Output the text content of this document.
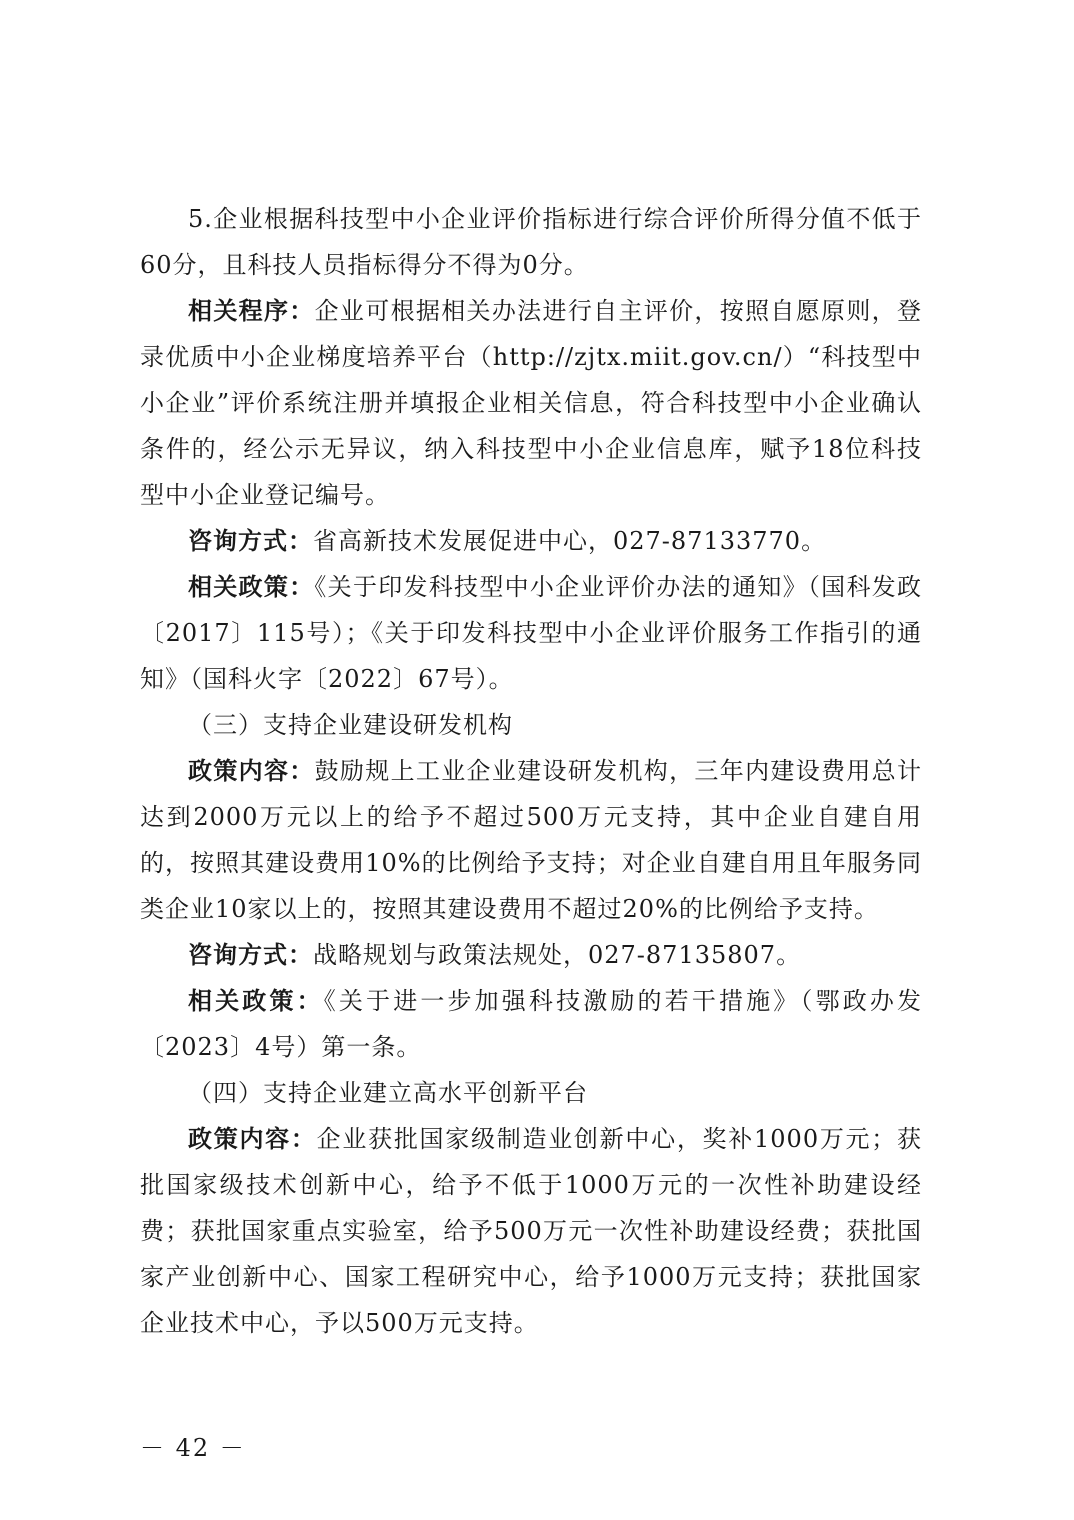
5.企业根据科技型中小企业评价指标进行综合评价所得分值不低于60分，且科技人员指标得分不得为0分。

相关程序：企业可根据相关办法进行自主评价，按照自愿原则，登录优质中小企业梯度培养平台（http://zjtx.miit.gov.cn/）“科技型中小企业”评价系统注册并填报企业相关信息，符合科技型中小企业确认条件的，经公示无异议，纳入科技型中小企业信息库，赋予18位科技型中小企业登记编号。

咨询方式：省高新技术发展促进中心，027-87133770。

相关政策：《关于印发科技型中小企业评价办法的通知》（国科发政〔2017〕115号）；《关于印发科技型中小企业评价服务工作指引的通知》（国科火字〔2022〕67号）。

（三）支持企业建设研发机构

政策内容：鼓励规上工业企业建设研发机构，三年内建设费用总计达到2000万元以上的给予不超过500万元支持，其中企业自建自用的，按照其建设费用10%的比例给予支持；对企业自建自用且年服务同类企业10家以上的，按照其建设费用不超过20%的比例给予支持。

咨询方式：战略规划与政策法规处，027-87135807。

相关政策：《关于进一步加强科技激励的若干措施》（鄂政办发〔2023〕4号）第一条。

（四）支持企业建立高水平创新平台

政策内容：企业获批国家级制造业创新中心，奖补1000万元；获批国家级技术创新中心，给予不低于1000万元的一次性补助建设经费；获批国家重点实验室，给予500万元一次性补助建设经费；获批国家产业创新中心、国家工程研究中心，给予1000万元支持；获批国家企业技术中心，予以500万元支持。

－ 42 －
